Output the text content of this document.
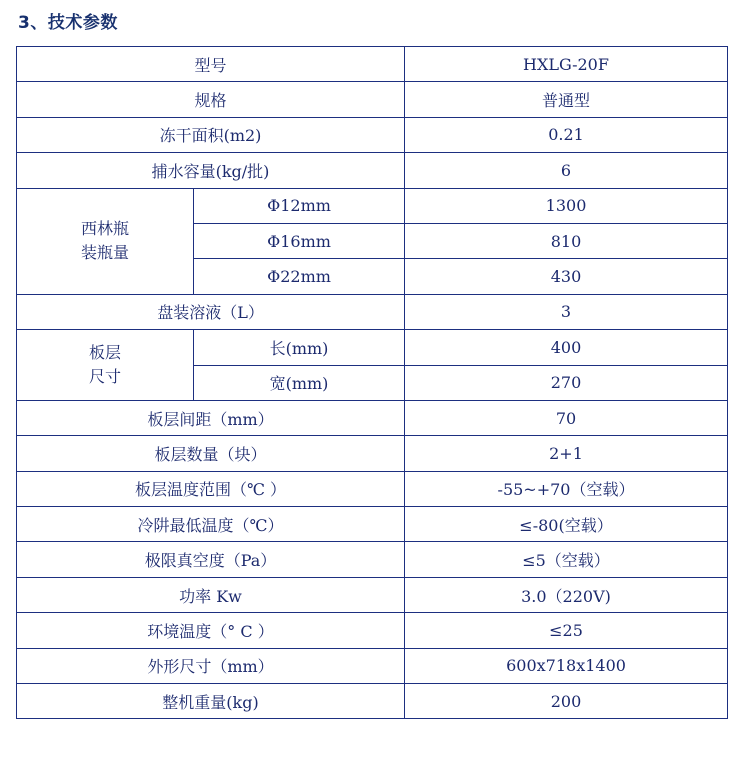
3、技术参数
型号		HXLG-20F
规格		普通型
冻干面积(m2)		0.21
捕水容量(kg/批)		6

西林瓶
装瓶量	Φ12mm	1300
	Φ16mm	810
	Φ22mm	430
盘装溶液（L）		3

板层
尺寸	长(mm)	400
	宽(mm)	270
板层间距（mm）		70
板层数量（块）		2+1
板层温度范围（℃ ）		-55~+70（空载）
冷阱最低温度（℃）		≤-80(空载）
极限真空度（Pa）		≤5（空载）
功率 Kw		3.0（220V)
环境温度（° C ）		≤25
外形尺寸（mm）		600x718x1400
整机重量(kg)		200
